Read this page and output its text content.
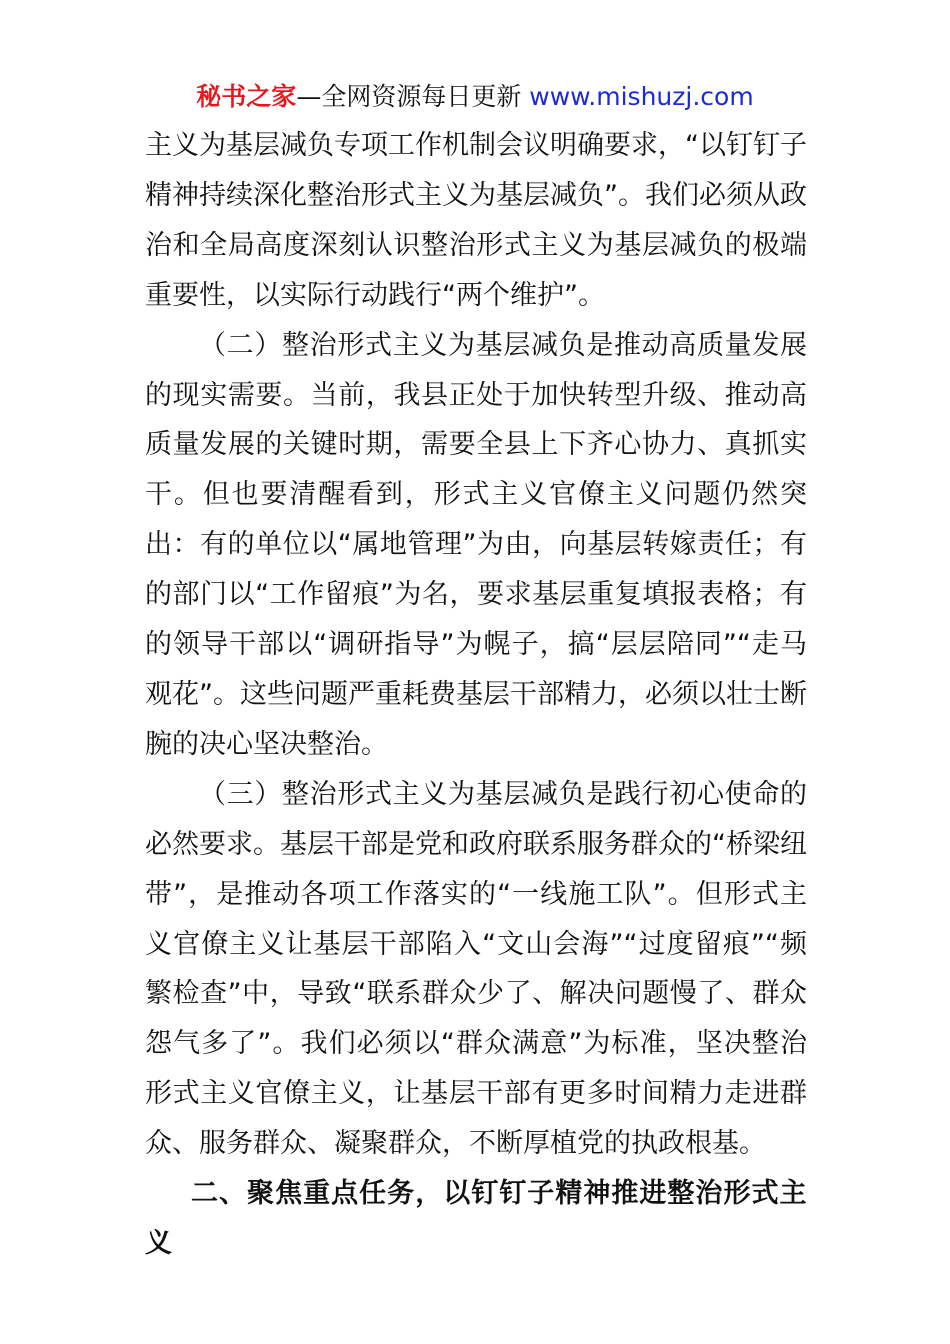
秘书之家—全网资源每日更新 www.mishuzj.com

主义为基层减负专项工作机制会议明确要求，“以钉钉子精神持续深化整治形式主义为基层减负”。我们必须从政治和全局高度深刻认识整治形式主义为基层减负的极端重要性，以实际行动践行“两个维护”。

（二）整治形式主义为基层减负是推动高质量发展的现实需要。当前，我县正处于加快转型升级、推动高质量发展的关键时期，需要全县上下齐心协力、真抓实干。但也要清醒看到，形式主义官僚主义问题仍然突出：有的单位以“属地管理”为由，向基层转嫁责任；有的部门以“工作留痕”为名，要求基层重复填报表格；有的领导干部以“调研指导”为幌子，搞“层层陪同”“走马观花”。这些问题严重耗费基层干部精力，必须以壮士断腕的决心坚决整治。

（三）整治形式主义为基层减负是践行初心使命的必然要求。基层干部是党和政府联系服务群众的“桥梁纽带”，是推动各项工作落实的“一线施工队”。但形式主义官僚主义让基层干部陷入“文山会海”“过度留痕”“频繁检查”中，导致“联系群众少了、解决问题慢了、群众怨气多了”。我们必须以“群众满意”为标准，坚决整治形式主义官僚主义，让基层干部有更多时间精力走进群众、服务群众、凝聚群众，不断厚植党的执政根基。

二、聚焦重点任务，以钉钉子精神推进整治形式主义
